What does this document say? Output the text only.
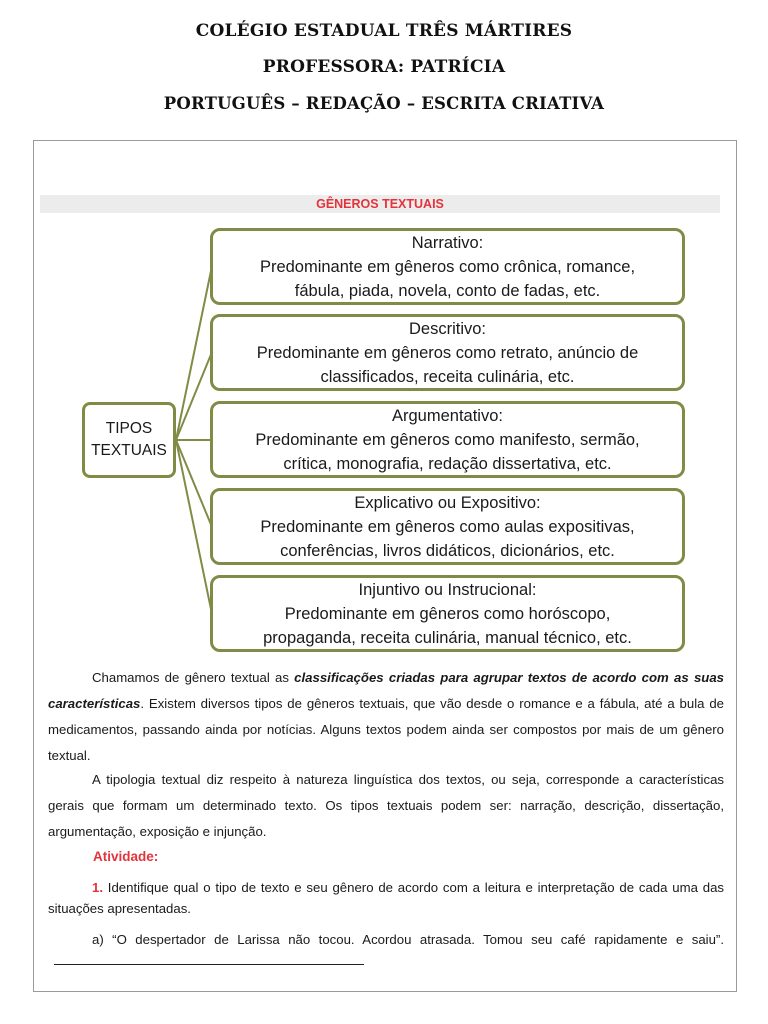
COLÉGIO ESTADUAL TRÊS MÁRTIRES
PROFESSORA: PATRÍCIA
PORTUGUÊS – REDAÇÃO – ESCRITA CRIATIVA
GÊNEROS TEXTUAIS
TIPOS
TEXTUAIS
Narrativo:
Predominante em gêneros como crônica, romance,
fábula, piada, novela, conto de fadas, etc.
Descritivo:
Predominante em gêneros como retrato, anúncio de
classificados, receita culinária, etc.
Argumentativo:
Predominante em gêneros como manifesto, sermão,
crítica, monografia, redação dissertativa, etc.
Explicativo ou Expositivo:
Predominante em gêneros como aulas expositivas,
conferências, livros didáticos, dicionários, etc.
Injuntivo ou Instrucional:
Predominante em gêneros como horóscopo,
propaganda, receita culinária, manual técnico, etc.
Chamamos de gênero textual as classificações criadas para agrupar textos de acordo com as suas características. Existem diversos tipos de gêneros textuais, que vão desde o romance e a fábula, até a bula de medicamentos, passando ainda por notícias. Alguns textos podem ainda ser compostos por mais de um gênero textual.
A tipologia textual diz respeito à natureza linguística dos textos, ou seja, corresponde a características gerais que formam um determinado texto. Os tipos textuais podem ser: narração, descrição, dissertação, argumentação, exposição e injunção.
Atividade:
1. Identifique qual o tipo de texto e seu gênero de acordo com a leitura e interpretação de cada uma das situações apresentadas.
a) “O despertador de Larissa não tocou. Acordou atrasada. Tomou seu café rapidamente e saiu”.
